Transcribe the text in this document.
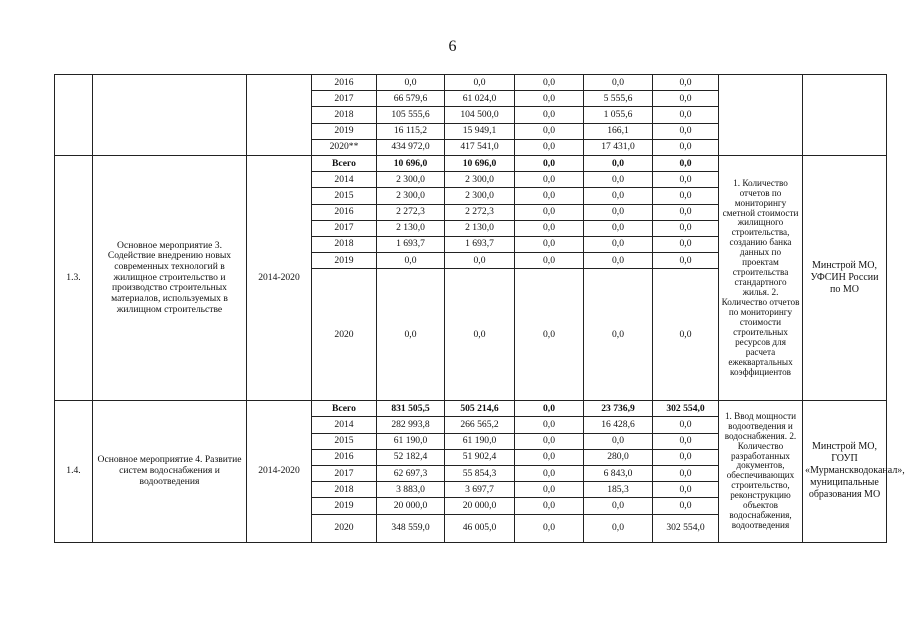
6
			2016	0,0	0,0	0,0	0,0	0,0		
			2017	66 579,6	61 024,0	0,0	5 555,6	0,0		
			2018	105 555,6	104 500,0	0,0	1 055,6	0,0		
			2019	16 115,2	15 949,1	0,0	166,1	0,0		
			2020**	434 972,0	417 541,0	0,0	17 431,0	0,0		
1.3.	Основное мероприятие 3. Содействие внедрению новых современных технологий в жилищное строительство и производство строительных материалов, используемых в жилищном строительстве	2014-2020	Всего	10 696,0	10 696,0	0,0	0,0	0,0	1. Количество отчетов по мониторингу сметной стоимости жилищного строительства, созданию банка данных по проектам строительства стандартного жилья. 2. Количество отчетов по мониторингу стоимости строительных ресурсов для расчета ежеквартальных коэффициентов	Минстрой МО, УФСИН России по МО
			2014	2 300,0	2 300,0	0,0	0,0	0,0		
			2015	2 300,0	2 300,0	0,0	0,0	0,0		
			2016	2 272,3	2 272,3	0,0	0,0	0,0		
			2017	2 130,0	2 130,0	0,0	0,0	0,0		
			2018	1 693,7	1 693,7	0,0	0,0	0,0		
			2019	0,0	0,0	0,0	0,0	0,0		
			2020	0,0	0,0	0,0	0,0	0,0		
1.4.	Основное мероприятие 4. Развитие систем водоснабжения и водоотведения	2014-2020	Всего	831 505,5	505 214,6	0,0	23 736,9	302 554,0	1. Ввод мощности водоотведения и водоснабжения. 2. Количество разработанных документов, обеспечивающих строительство, реконструкцию объектов водоснабжения, водоотведения	Минстрой МО, ГОУП «Мурманскводоканал», муниципальные образования МО
			2014	282 993,8	266 565,2	0,0	16 428,6	0,0		
			2015	61 190,0	61 190,0	0,0	0,0	0,0		
			2016	52 182,4	51 902,4	0,0	280,0	0,0		
			2017	62 697,3	55 854,3	0,0	6 843,0	0,0		
			2018	3 883,0	3 697,7	0,0	185,3	0,0		
			2019	20 000,0	20 000,0	0,0	0,0	0,0		
			2020	348 559,0	46 005,0	0,0	0,0	302 554,0		
